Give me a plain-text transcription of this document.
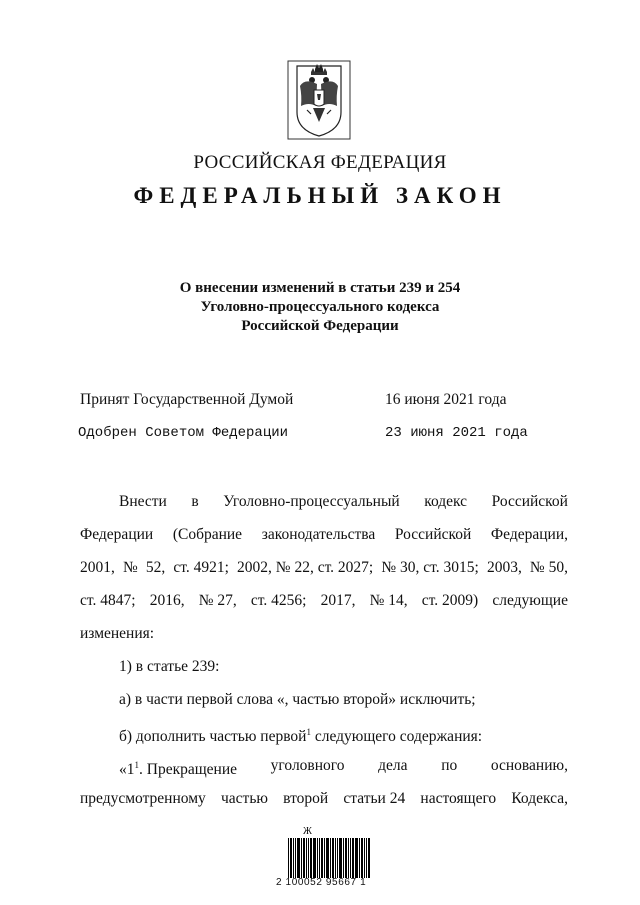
РОССИЙСКАЯ ФЕДЕРАЦИЯ
ФЕДЕРАЛЬНЫЙ ЗАКОН
О внесении изменений в статьи 239 и 254
Уголовно-процессуального кодекса
Российской Федерации
Принят Государственной Думой	16 июня 2021 года
Одобрен Советом Федерации	23 июня 2021 года
Внести в Уголовно-процессуальный кодекс Российской
Федерации (Собрание законодательства Российской Федерации,
2001, № 52, ст. 4921; 2002, № 22, ст. 2027; № 30, ст. 3015; 2003, № 50,
ст. 4847; 2016, № 27, ст. 4256; 2017, № 14, ст. 2009) следующие
изменения:
1) в статье 239:
а) в части первой слова «, частью второй» исключить;
б) дополнить частью первой$^1$ следующего содержания:
«$1^1$. Прекращение уголовного дела по основанию,
предусмотренному частью второй статьи 24 настоящего Кодекса,
Ж
2 100052 95667 1
